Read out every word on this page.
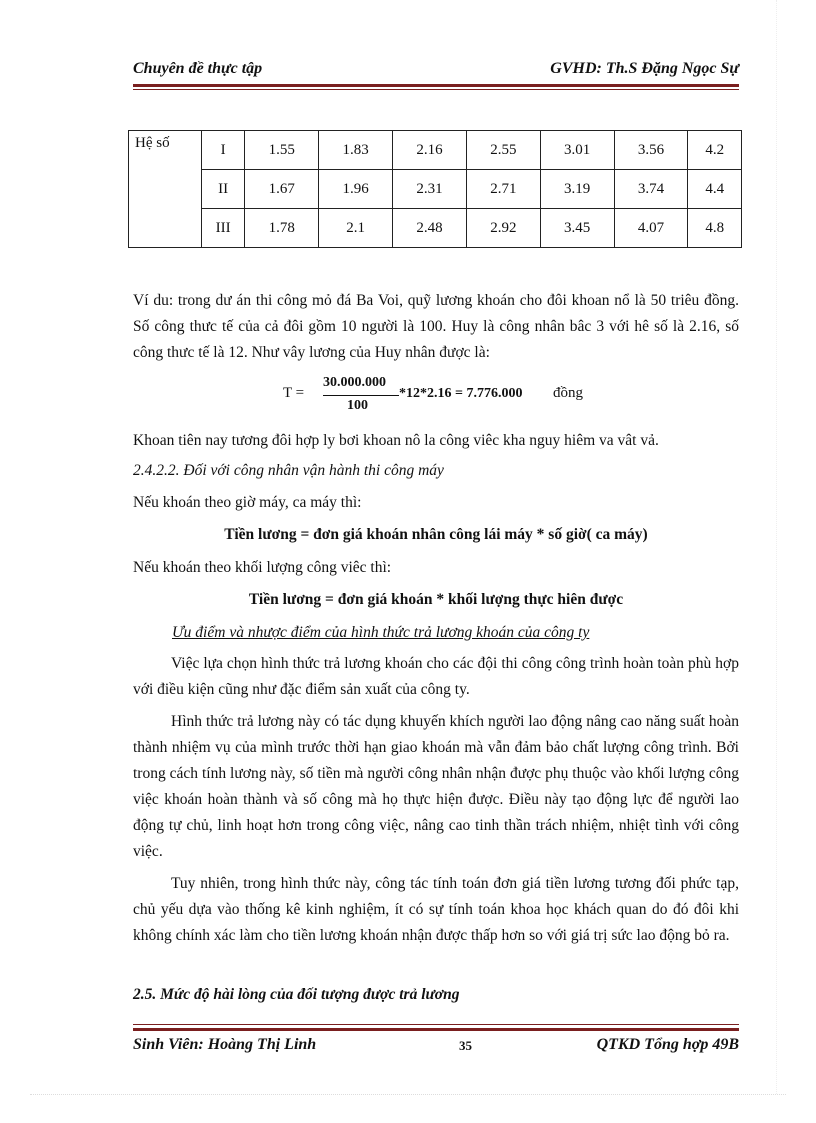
Chuyên đề thực tập	GVHD: Th.S Đặng Ngọc Sự
Hệ số	I	1.55	1.83	2.16	2.55	3.01	3.56	4.2
	II	1.67	1.96	2.31	2.71	3.19	3.74	4.4
	III	1.78	2.1	2.48	2.92	3.45	4.07	4.8
Ví du: trong dư án thi công mỏ đá Ba Voi, quỹ lương khoán cho đôi khoan nổ là 50 triêu đồng. Số công thưc tế của cả đôi gồm 10 người là 100. Huy là công nhân bâc 3 với hê số là 2.16, số công thưc tế là 12. Như vây lương của Huy nhân được là:
T =
30.000.000
100
*12*2.16 = 7.776.000 đồng
Khoan tiên nay tương đôi hợp ly bơi khoan nô la công viêc kha nguy hiêm va vât vả.
2.4.2.2. Đối với công nhân vận hành thi công máy
Nếu khoán theo giờ máy, ca máy thì:
Tiền lương = đơn giá khoán nhân công lái máy * số giờ( ca máy)
Nếu khoán theo khối lượng công viêc thì:
Tiền lương = đơn giá khoán * khối lượng thực hiên được
Ưu điểm và nhược điểm của hình thức trả lương khoán của công ty
Việc lựa chọn hình thức trả lương khoán cho các đội thi công công trình hoàn toàn phù hợp với điều kiện cũng như đặc điểm sản xuất của công ty.
Hình thức trả lương này có tác dụng khuyến khích người lao động nâng cao năng suất hoàn thành nhiệm vụ của mình trước thời hạn giao khoán mà vẫn đảm bảo chất lượng công trình. Bởi trong cách tính lương này, số tiền mà người công nhân nhận được phụ thuộc vào khối lượng công việc khoán hoàn thành và số công mà họ thực hiện được. Điều này tạo động lực để người lao động tự chủ, linh hoạt hơn trong công việc, nâng cao tinh thần trách nhiệm, nhiệt tình với công việc.
Tuy nhiên, trong hình thức này, công tác tính toán đơn giá tiền lương tương đối phức tạp, chủ yếu dựa vào thống kê kinh nghiệm, ít có sự tính toán khoa học khách quan do đó đôi khi không chính xác làm cho tiền lương khoán nhận được thấp hơn so với giá trị sức lao động bỏ ra.
2.5. Mức độ hài lòng của đối tượng được trả lương
Sinh Viên: Hoàng Thị Linh	35	QTKD Tổng hợp 49B
